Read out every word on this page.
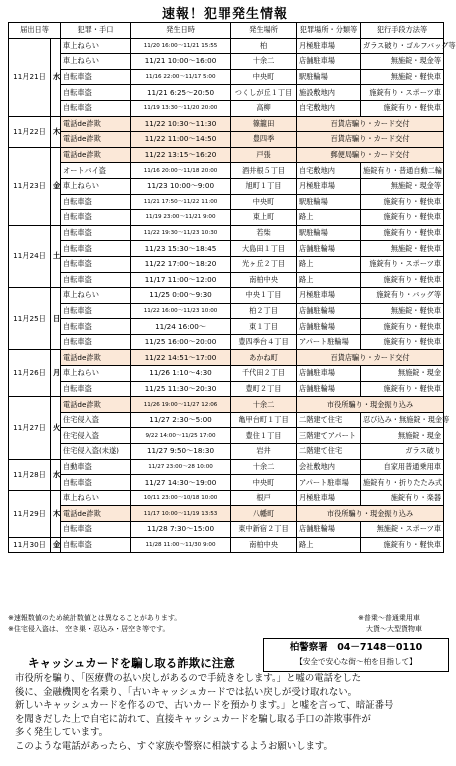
速報！犯罪発生情報
届出日等		犯罪・手口	発生日時	発生場所	犯罪場所・分類等	犯行手段方法等
11月21日	水	車上ねらい	11/20 16:00～11/21 15:55	柏	月極駐車場	ガラス破り・ゴルフバッグ等
		車上ねらい	11/21 10:00～16:00	十余二	店舗駐車場	無施錠・現金等
		自転車盗	11/16 22:00～11/17 5:00	中央町	駅駐輪場	無施錠・軽快車
		自転車盗	11/21 6:25～20:50	つくしが丘１丁目	施設敷地内	施錠有り・スポーツ車
		自転車盗	11/19 13:30～11/20 20:00	高柳	自宅敷地内	施錠有り・軽快車
11月22日	木	電話de詐欺	11/22 10:30～11:30	篠籠田	百貨店騙り・カード交付	
		電話de詐欺	11/22 11:00～14:50	豊四季	百貨店騙り・カード交付	
11月23日	金	電話de詐欺	11/22 13:15～16:20	戸張	郵便局騙り・カード交付	
		オートバイ盗	11/16 20:00～11/18 20:00	酒井根５丁目	自宅敷地内	施錠有り・普通自動二輪
		車上ねらい	11/23 10:00～9:00	旭町１丁目	月極駐車場	無施錠・現金等
		自転車盗	11/21 17:50～11/22 11:00	中央町	駅駐輪場	施錠有り・軽快車
		自転車盗	11/19 23:00～11/21 9:00	東上町	路上	施錠有り・軽快車
11月24日	土	自転車盗	11/22 19:30～11/23 10:30	若柴	駅駐輪場	施錠有り・軽快車
		自転車盗	11/23 15:30～18:45	大島田１丁目	店舗駐輪場	無施錠・軽快車
		自転車盗	11/22 17:00～18:20	光ヶ丘２丁目	路上	施錠有り・スポーツ車
		自転車盗	11/17 11:00～12:00	南柏中央	路上	施錠有り・軽快車
11月25日	日	車上ねらい	11/25 0:00～9:30	中央１丁目	月極駐車場	施錠有り・バッグ等
		自転車盗	11/22 16:00～11/23 10:00	柏２丁目	店舗駐輪場	無施錠・軽快車
		自転車盗	11/24 16:00～	東１丁目	店舗駐輪場	施錠有り・軽快車
		自転車盗	11/25 16:00～20:00	豊四季台４丁目	アパート駐輪場	施錠有り・軽快車
11月26日	月	電話de詐欺	11/22 14:51～17:00	あかね町	百貨店騙り・カード交付	
		車上ねらい	11/26 1:10～4:30	千代田２丁目	店舗駐車場	無施錠・現金
		自転車盗	11/25 11:30～20:30	豊町２丁目	店舗駐輪場	施錠有り・軽快車
11月27日	火	電話de詐欺	11/26 19:00～11/27 12:06	十余二	市役所騙り・現金振り込み	
		住宅侵入盗	11/27 2:30～5:00	亀甲台町１丁目	二階建て住宅	忍び込み・無施錠・現金等
		住宅侵入盗	9/22 14:00～11/25 17:00	豊住１丁目	三階建てアパート	無施錠・現金
		住宅侵入盗(未遂)	11/27 9:50～18:30	岩井	二階建て住宅	ガラス破り
11月28日	水	自動車盗	11/27 23:00～28 10:00	十余二	会社敷地内	自家用普通乗用車
		自転車盗	11/27 14:30～19:00	中央町	アパート駐車場	施錠有り・折りたたみ式
11月29日	木	車上ねらい	10/11 23:00～10/18 10:00	根戸	月極駐車場	施錠有り・楽器
		電話de詐欺	11/17 10:00～11/19 13:53	八幡町	市役所騙り・現金振り込み	
		自転車盗	11/28 7:30～15:00	東中新宿２丁目	店舗駐輪場	無施錠・スポーツ車
11月30日	金	自転車盗	11/28 11:00～11/30 9:00	南柏中央	路上	施錠有り・軽快車
※速報数値のため統計数値とは異なることがあります。
※住宅侵入盗は、 空き巣・忍込み・居空き等です。
※普乗～普通乗用車
大貨～大型貨物車
柏警察署　04－7148－0110
【安全で安心な街～柏を目指して】
キャッシュカードを騙し取る詐欺に注意

市役所を騙り、「医療費の払い戻しがあるので手続きをします。」と嘘の電話をした

後に、金融機関を名乗り、「古いキャッシュカードでは払い戻しが受け取れない。

新しいキャッシュカードを作るので、古いカードを預かります。」と嘘を言って、暗証番号

を聞きだした上で自宅に訪れて、直接キャッシュカードを騙し取る手口の詐欺事件が

多く発生しています。

このような電話があったら、すぐ家族や警察に相談するようお願いします。
